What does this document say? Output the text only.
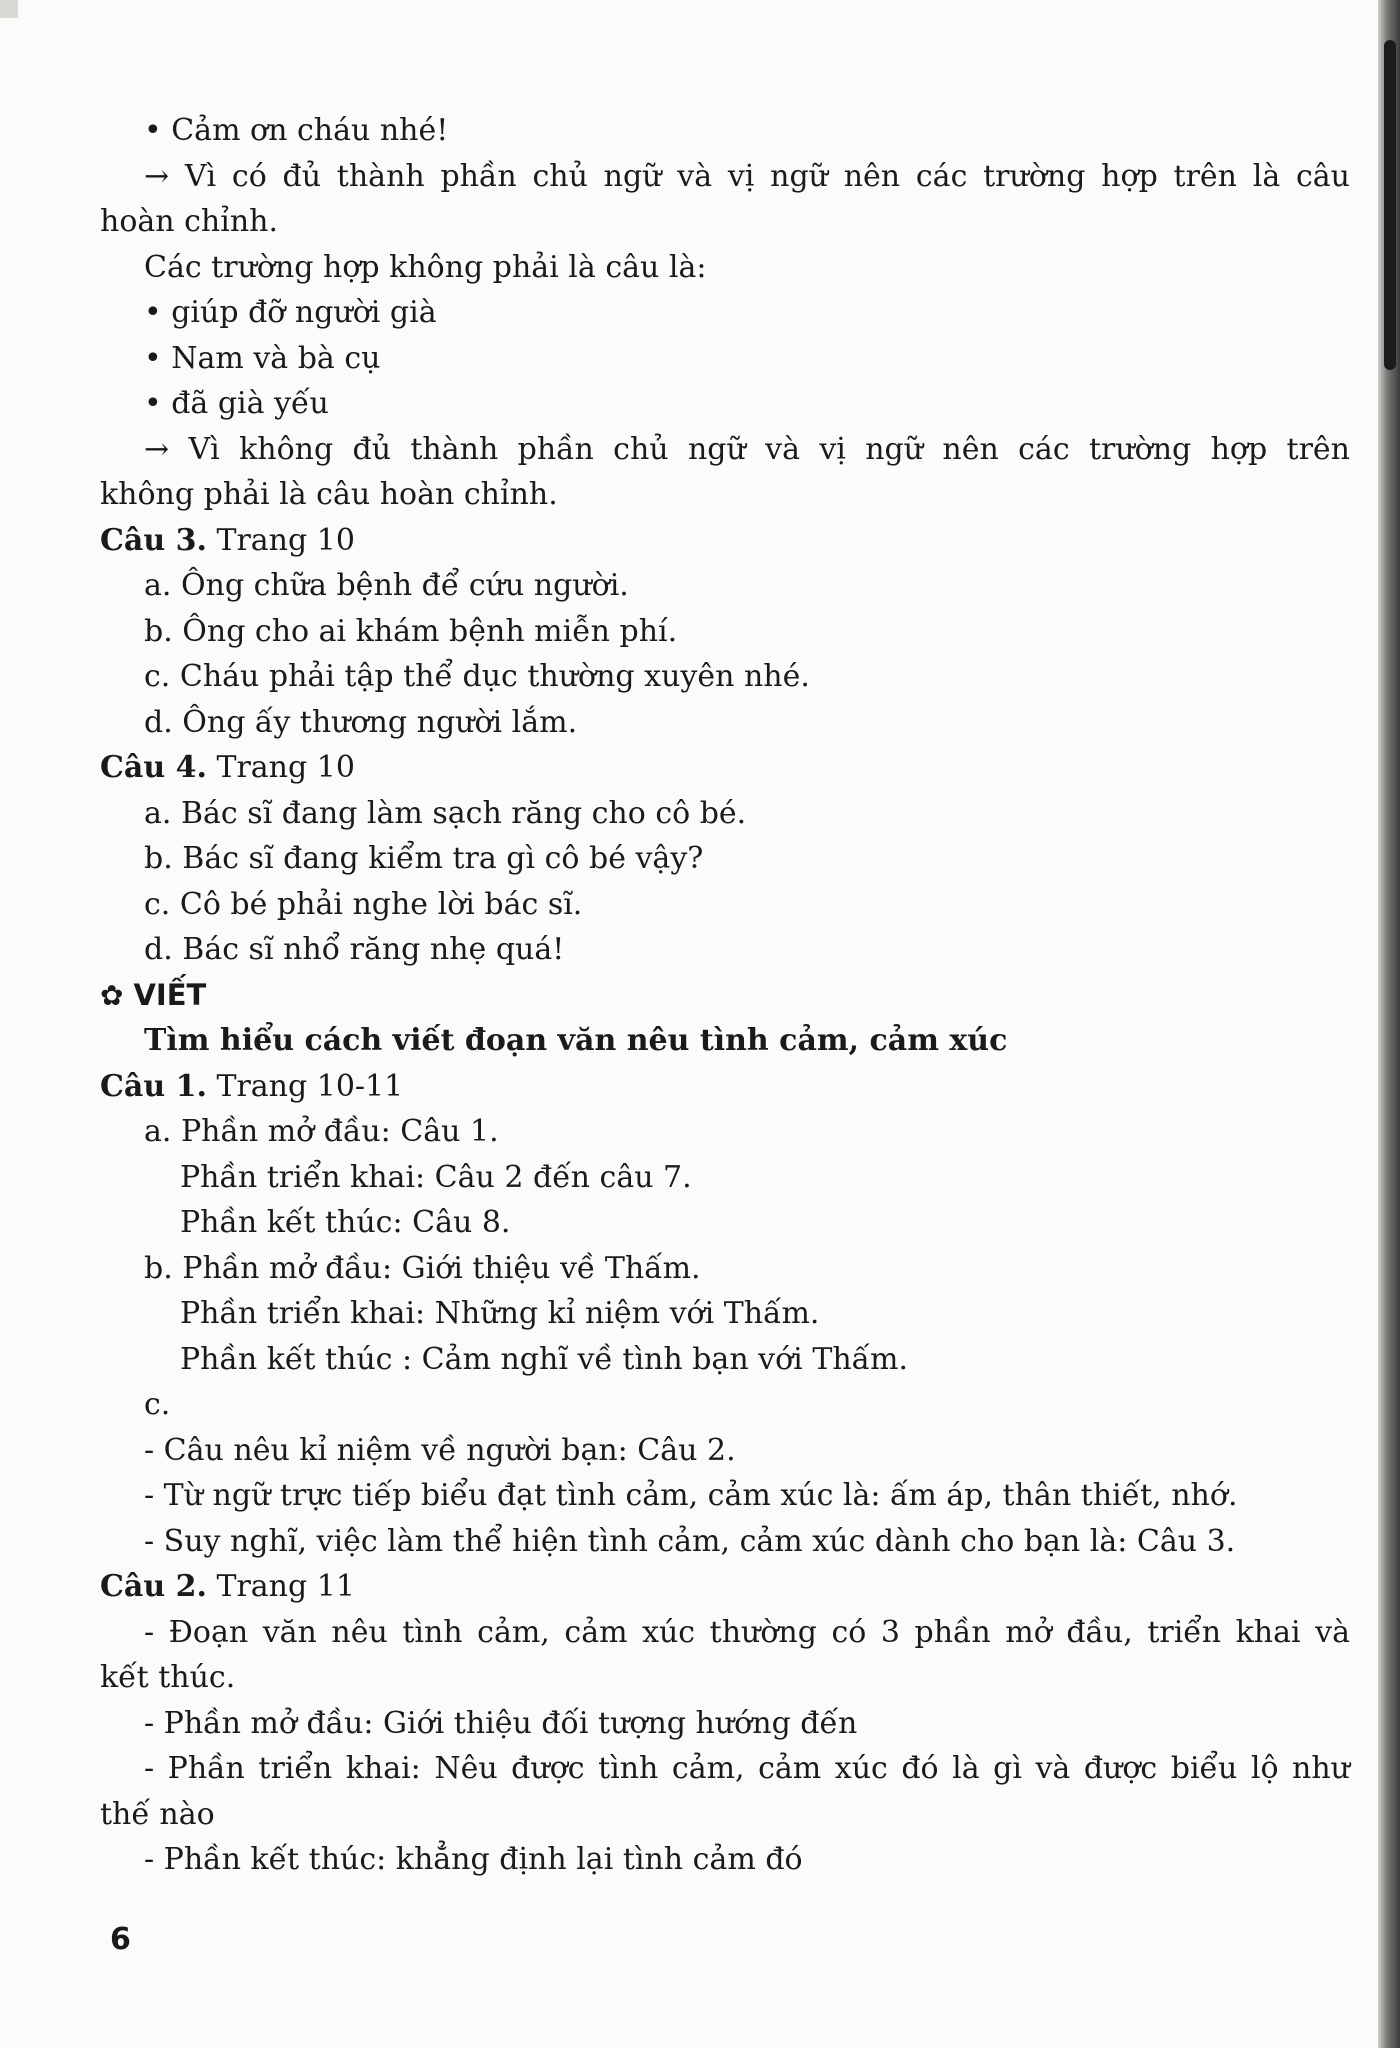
• Cảm ơn cháu nhé!
→ Vì có đủ thành phần chủ ngữ và vị ngữ nên các trường hợp trên là câu
hoàn chỉnh.
Các trường hợp không phải là câu là:
• giúp đỡ người già
• Nam và bà cụ
• đã già yếu
→ Vì không đủ thành phần chủ ngữ và vị ngữ nên các trường hợp trên
không phải là câu hoàn chỉnh.
Câu 3. Trang 10
a. Ông chữa bệnh để cứu người.
b. Ông cho ai khám bệnh miễn phí.
c. Cháu phải tập thể dục thường xuyên nhé.
d. Ông ấy thương người lắm.
Câu 4. Trang 10
a. Bác sĩ đang làm sạch răng cho cô bé.
b. Bác sĩ đang kiểm tra gì cô bé vậy?
c. Cô bé phải nghe lời bác sĩ.
d. Bác sĩ nhổ răng nhẹ quá!
✿ VIẾT
Tìm hiểu cách viết đoạn văn nêu tình cảm, cảm xúc
Câu 1. Trang 10-11
a. Phần mở đầu: Câu 1.
Phần triển khai: Câu 2 đến câu 7.
Phần kết thúc: Câu 8.
b. Phần mở đầu: Giới thiệu về Thấm.
Phần triển khai: Những kỉ niệm với Thấm.
Phần kết thúc : Cảm nghĩ về tình bạn với Thấm.
c.
- Câu nêu kỉ niệm về người bạn: Câu 2.
- Từ ngữ trực tiếp biểu đạt tình cảm, cảm xúc là: ấm áp, thân thiết, nhớ.
- Suy nghĩ, việc làm thể hiện tình cảm, cảm xúc dành cho bạn là: Câu 3.
Câu 2. Trang 11
- Đoạn văn nêu tình cảm, cảm xúc thường có 3 phần mở đầu, triển khai và
kết thúc.
- Phần mở đầu: Giới thiệu đối tượng hướng đến
- Phần triển khai: Nêu được tình cảm, cảm xúc đó là gì và được biểu lộ như
thế nào
- Phần kết thúc: khẳng định lại tình cảm đó
6
